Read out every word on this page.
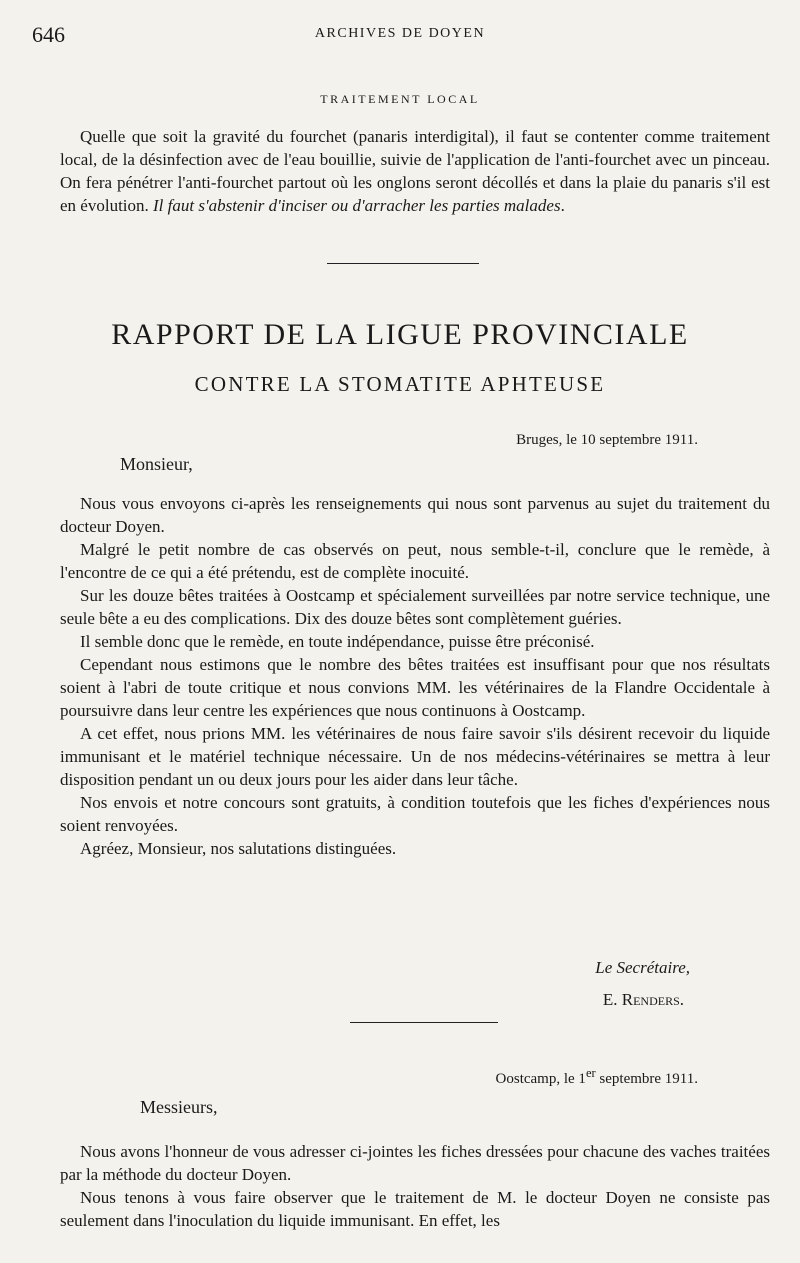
646	ARCHIVES DE DOYEN
TRAITEMENT LOCAL

Quelle que soit la gravité du fourchet (panaris interdigital), il faut se contenter comme traitement local, de la désinfection avec de l'eau bouillie, suivie de l'application de l'anti-fourchet avec un pinceau. On fera pénétrer l'anti-fourchet partout où les onglons seront décollés et dans la plaie du panaris s'il est en évolution. Il faut s'abstenir d'inciser ou d'arracher les parties malades.

RAPPORT DE LA LIGUE PROVINCIALE
CONTRE LA STOMATITE APHTEUSE
Bruges, le 10 septembre 1911.
Monsieur,

Nous vous envoyons ci-après les renseignements qui nous sont parvenus au sujet du traitement du docteur Doyen.

Malgré le petit nombre de cas observés on peut, nous semble-t-il, conclure que le remède, à l'encontre de ce qui a été prétendu, est de complète inocuité.

Sur les douze bêtes traitées à Oostcamp et spécialement surveillées par notre service technique, une seule bête a eu des complications. Dix des douze bêtes sont complètement guéries.

Il semble donc que le remède, en toute indépendance, puisse être préconisé.

Cependant nous estimons que le nombre des bêtes traitées est insuffisant pour que nos résultats soient à l'abri de toute critique et nous convions MM. les vétérinaires de la Flandre Occidentale à poursuivre dans leur centre les expériences que nous continuons à Oostcamp.

A cet effet, nous prions MM. les vétérinaires de nous faire savoir s'ils désirent recevoir du liquide immunisant et le matériel technique nécessaire. Un de nos médecins-vétérinaires se mettra à leur disposition pendant un ou deux jours pour les aider dans leur tâche.

Nos envois et notre concours sont gratuits, à condition toutefois que les fiches d'expériences nous soient renvoyées.

Agréez, Monsieur, nos salutations distinguées.

Le Secrétaire,
E. Renders.
Oostcamp, le 1er septembre 1911.
Messieurs,

Nous avons l'honneur de vous adresser ci-jointes les fiches dressées pour chacune des vaches traitées par la méthode du docteur Doyen.

Nous tenons à vous faire observer que le traitement de M. le docteur Doyen ne consiste pas seulement dans l'inoculation du liquide immunisant. En effet, les
